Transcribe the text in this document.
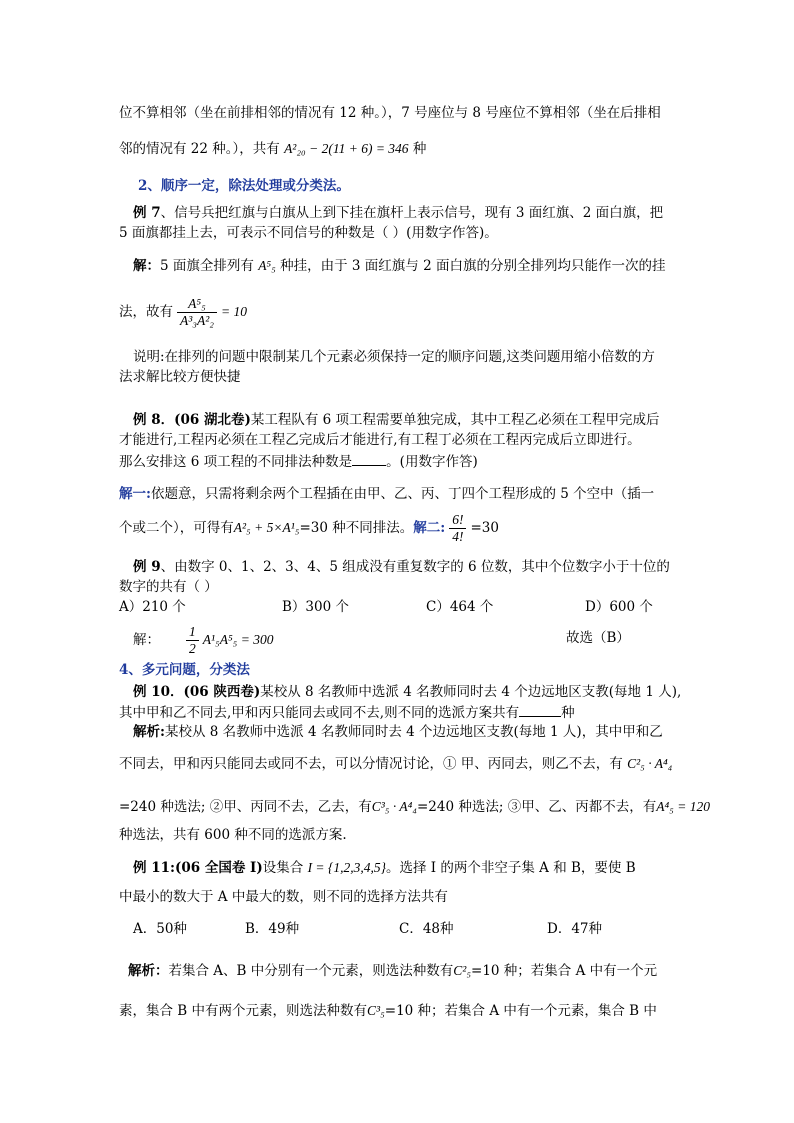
位不算相邻（坐在前排相邻的情况有 12 种。），7 号座位与 8 号座位不算相邻（坐在后排相
邻的情况有 22 种。），共有 A²₂₀ − 2(11 + 6) = 346 种
2、顺序一定，除法处理或分类法。
例 7、信号兵把红旗与白旗从上到下挂在旗杆上表示信号，现有 3 面红旗、2 面白旗，把
5 面旗都挂上去，可表示不同信号的种数是（ ）(用数字作答)。
解：5 面旗全排列有 A⁵₅ 种挂，由于 3 面红旗与 2 面白旗的分别全排列均只能作一次的挂
法，故有 $\frac{\text{A⁵₅}}{\text{A³₃A²₂}} = 10$
说明:在排列的问题中限制某几个元素必须保持一定的顺序问题,这类问题用缩小倍数的方
法求解比较方便快捷
例 8．(06 湖北卷)某工程队有 6 项工程需要单独完成，其中工程乙必须在工程甲完成后
才能进行,工程丙必须在工程乙完成后才能进行,有工程丁必须在工程丙完成后立即进行。
那么安排这 6 项工程的不同排法种数是	。(用数字作答)
解一:依题意，只需将剩余两个工程插在由甲、乙、丙、丁四个工程形成的 5 个空中（插一
个或二个），可得有A²₅ + 5×A¹₅=30 种不同排法。解二: $\frac{6!}{4!} =30$
例 9、由数字 0、1、2、3、4、5 组成没有重复数字的 6 位数，其中个位数字小于十位的
数字的共有（ ）
A）210 个	B）300 个	C）464 个	D）600 个
解： $\frac{1}{2} A^1_5A^5_5 = 300$	故选（B）
4、多元问题，分类法
例 10．(06 陕西卷)某校从 8 名教师中选派 4 名教师同时去 4 个边远地区支教(每地 1 人),
其中甲和乙不同去,甲和丙只能同去或同不去,则不同的选派方案共有	种
解析:某校从 8 名教师中选派 4 名教师同时去 4 个边远地区支教(每地 1 人)，其中甲和乙
不同去，甲和丙只能同去或同不去，可以分情况讨论，① 甲、丙同去，则乙不去，有 C²₅ · A⁴₄
=240 种选法; ②甲、丙同不去，乙去，有C³₅ · A⁴₄=240 种选法; ③甲、乙、丙都不去，有A⁴₅ = 120
种选法，共有 600 种不同的选派方案.
例 11:(06 全国卷 I)设集合 I = {1,2,3,4,5}。选择 I 的两个非空子集 A 和 B，要使 B
中最小的数大于 A 中最大的数，则不同的选择方法共有
A．50种	B．49种	C．48种	D．47种
解析：若集合 A、B 中分别有一个元素，则选法种数有C²₅=10 种；若集合 A 中有一个元
素，集合 B 中有两个元素，则选法种数有C³₅=10 种；若集合 A 中有一个元素，集合 B 中
